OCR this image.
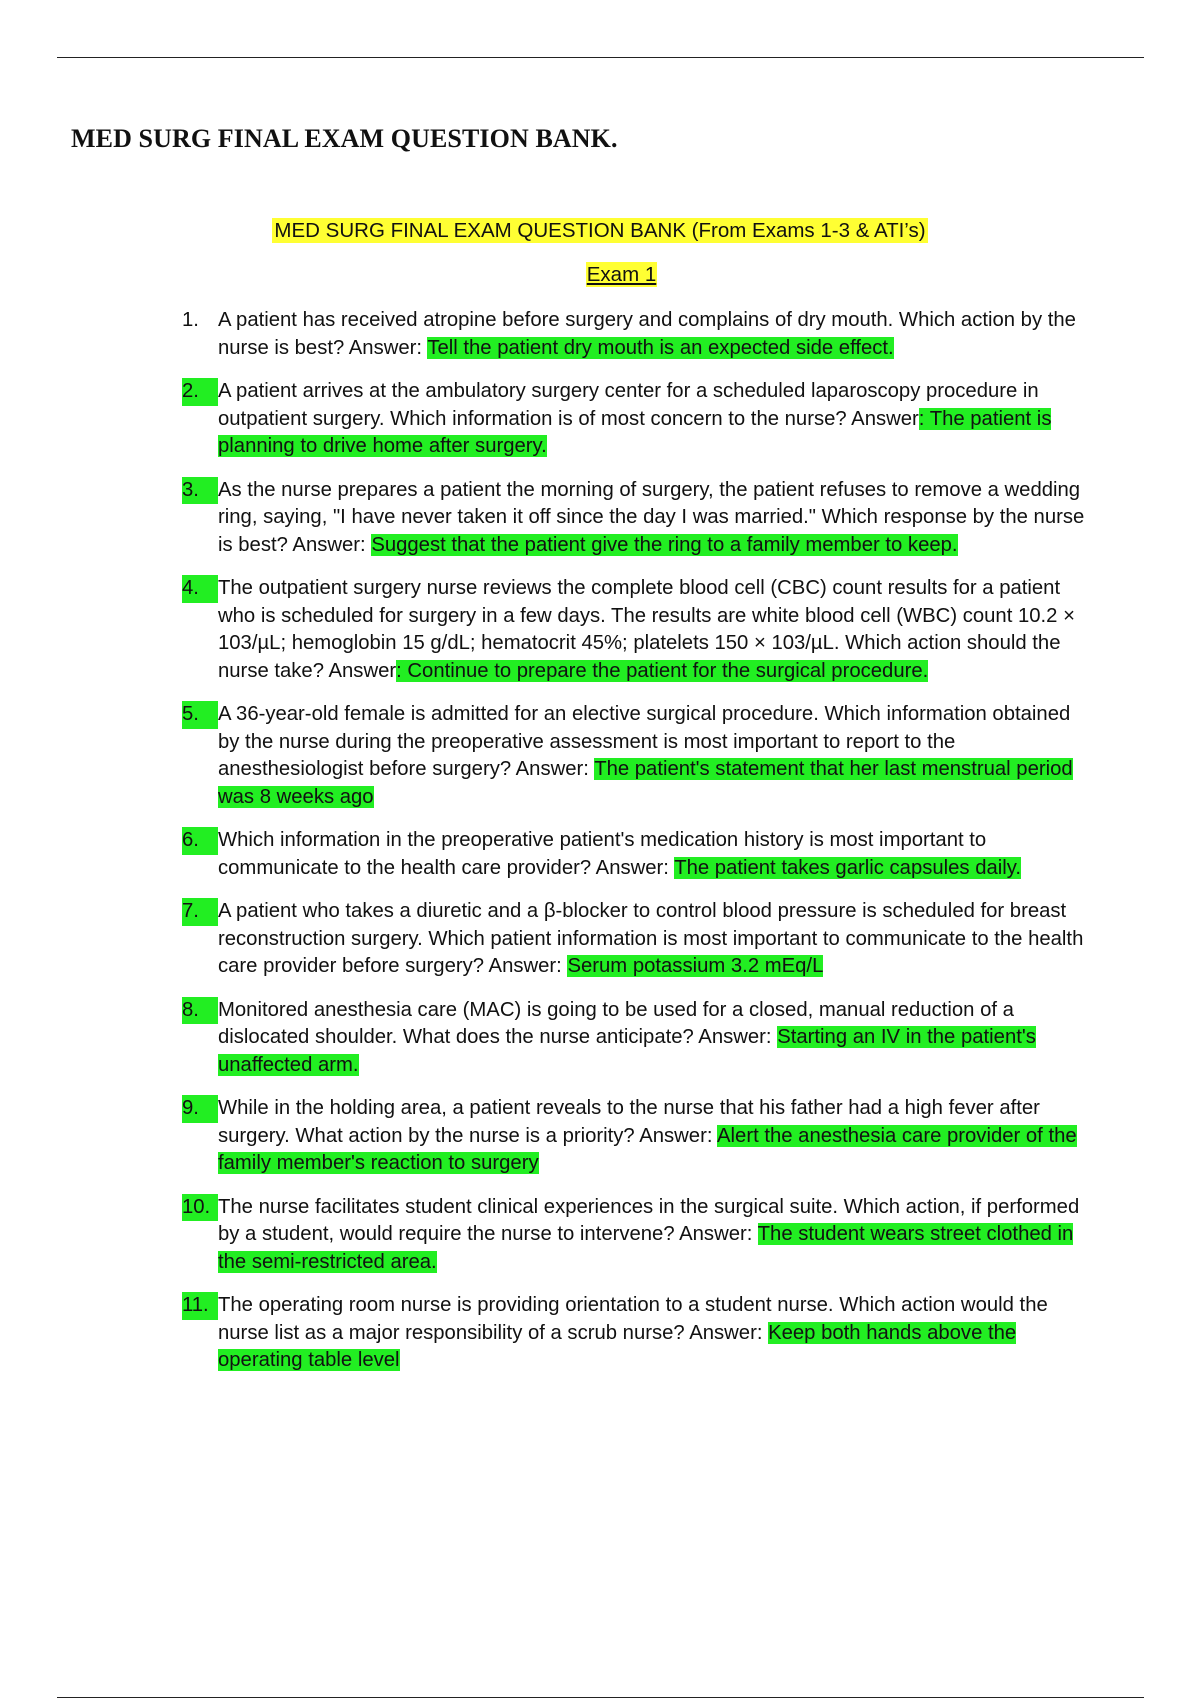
MED SURG FINAL EXAM QUESTION BANK.
MED SURG FINAL EXAM QUESTION BANK (From Exams 1-3 & ATI’s)
Exam 1
1. A patient has received atropine before surgery and complains of dry mouth. Which action by the nurse is best? Answer: Tell the patient dry mouth is an expected side effect.
2. A patient arrives at the ambulatory surgery center for a scheduled laparoscopy procedure in outpatient surgery. Which information is of most concern to the nurse? Answer: The patient is planning to drive home after surgery.
3. As the nurse prepares a patient the morning of surgery, the patient refuses to remove a wedding ring, saying, "I have never taken it off since the day I was married." Which response by the nurse is best? Answer: Suggest that the patient give the ring to a family member to keep.
4. The outpatient surgery nurse reviews the complete blood cell (CBC) count results for a patient who is scheduled for surgery in a few days. The results are white blood cell (WBC) count 10.2 × 103/µL; hemoglobin 15 g/dL; hematocrit 45%; platelets 150 × 103/µL. Which action should the nurse take? Answer: Continue to prepare the patient for the surgical procedure.
5. A 36-year-old female is admitted for an elective surgical procedure. Which information obtained by the nurse during the preoperative assessment is most important to report to the anesthesiologist before surgery? Answer: The patient's statement that her last menstrual period was 8 weeks ago
6. Which information in the preoperative patient's medication history is most important to communicate to the health care provider? Answer: The patient takes garlic capsules daily.
7. A patient who takes a diuretic and a β-blocker to control blood pressure is scheduled for breast reconstruction surgery. Which patient information is most important to communicate to the health care provider before surgery? Answer: Serum potassium 3.2 mEq/L
8. Monitored anesthesia care (MAC) is going to be used for a closed, manual reduction of a dislocated shoulder. What does the nurse anticipate? Answer: Starting an IV in the patient's unaffected arm.
9. While in the holding area, a patient reveals to the nurse that his father had a high fever after surgery. What action by the nurse is a priority? Answer: Alert the anesthesia care provider of the family member's reaction to surgery
10. The nurse facilitates student clinical experiences in the surgical suite. Which action, if performed by a student, would require the nurse to intervene? Answer: The student wears street clothed in the semi-restricted area.
11. The operating room nurse is providing orientation to a student nurse. Which action would the nurse list as a major responsibility of a scrub nurse? Answer: Keep both hands above the operating table level
